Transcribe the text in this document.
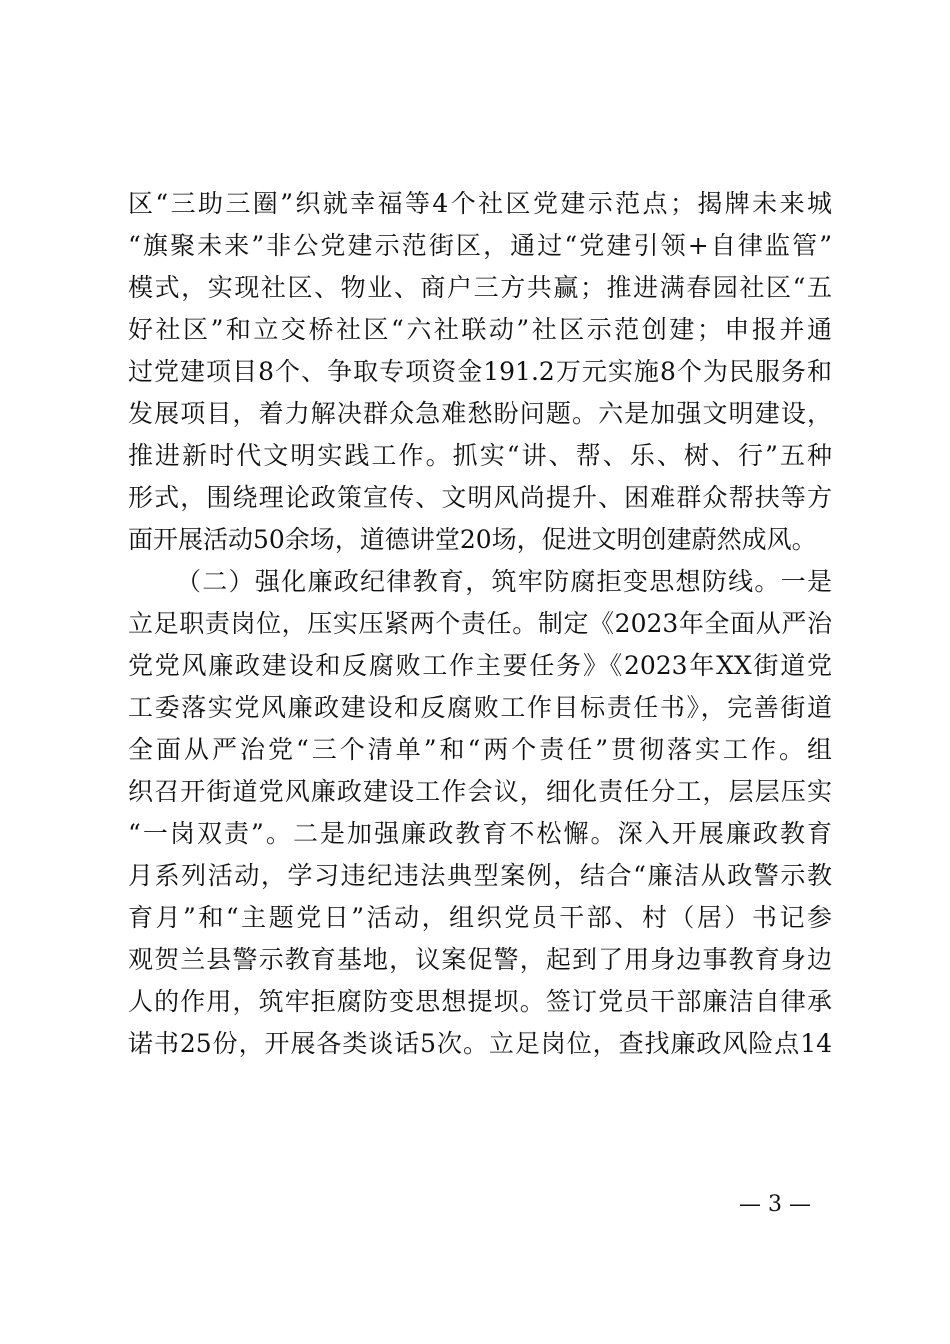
区“三助三圈”织就幸福等4个社区党建示范点；揭牌未来城
“旗聚未来”非公党建示范街区，通过“党建引领+自律监管”
模式，实现社区、物业、商户三方共赢；推进满春园社区“五
好社区”和立交桥社区“六社联动”社区示范创建；申报并通
过党建项目8个、争取专项资金191.2万元实施8个为民服务和
发展项目，着力解决群众急难愁盼问题。六是加强文明建设，
推进新时代文明实践工作。抓实“讲、帮、乐、树、行”五种
形式，围绕理论政策宣传、文明风尚提升、困难群众帮扶等方
面开展活动50余场，道德讲堂20场，促进文明创建蔚然成风。
（二）强化廉政纪律教育，筑牢防腐拒变思想防线。一是
立足职责岗位，压实压紧两个责任。制定《2023年全面从严治
党党风廉政建设和反腐败工作主要任务》《2023年XX街道党
工委落实党风廉政建设和反腐败工作目标责任书》，完善街道
全面从严治党“三个清单”和“两个责任”贯彻落实工作。组
织召开街道党风廉政建设工作会议，细化责任分工，层层压实
“一岗双责”。二是加强廉政教育不松懈。深入开展廉政教育
月系列活动，学习违纪违法典型案例，结合“廉洁从政警示教
育月”和“主题党日”活动，组织党员干部、村（居）书记参
观贺兰县警示教育基地，议案促警，起到了用身边事教育身边
人的作用，筑牢拒腐防变思想提坝。签订党员干部廉洁自律承
诺书25份，开展各类谈话5次。立足岗位，查找廉政风险点14
— 3 —
